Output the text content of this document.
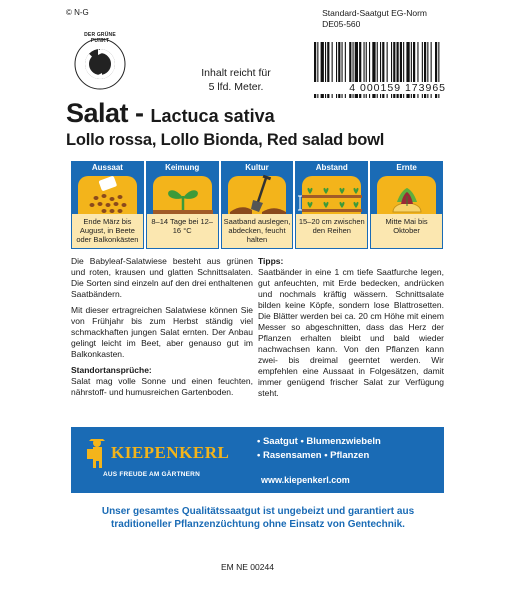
© N-G	Standard-Saatgut EG-Norm
DE05-560
DER GRÜNE PUNKT
Inhalt reicht für
5 lfd. Meter.	4 000159 173965
Salat - Lactuca sativa
Lollo rossa, Lollo Bionda, Red salad bowl
Aussaat
Ende März bis August, in Beete oder Balkonkästen
Keimung
8–14 Tage bei 12–16 °C
Kultur
Saatband auslegen, abdecken, feucht halten
Abstand
15–20 cm zwischen den Reihen
Ernte
Mitte Mai bis Oktober

Die Babyleaf-Salatwiese besteht aus grünen und roten, krausen und glatten Schnittsalaten. Die Sorten sind einzeln auf den drei enthaltenen Saatbändern.

Mit dieser ertragreichen Salatwiese können Sie von Frühjahr bis zum Herbst ständig viel schmackhaften jungen Salat ernten. Der Anbau gelingt leicht im Beet, aber genauso gut im Balkonkasten.

Standortansprüche:

Salat mag volle Sonne und einen feuchten, nährstoff- und humusreichen Gartenboden.

Tipps:

Saatbänder in eine 1 cm tiefe Saatfurche legen, gut anfeuchten, mit Erde bedecken, andrücken und nochmals kräftig wässern. Schnittsalate bilden keine Köpfe, sondern lose Blattrosetten. Die Blätter werden bei ca. 20 cm Höhe mit einem Messer so abgeschnitten, dass das Herz der Pflanzen erhalten bleibt und bald wieder nachwachsen kann. Von den Pflanzen kann zwei- bis dreimal geerntet werden. Wir empfehlen eine Aussaat in Folgesätzen, damit immer genügend frischer Salat zur Verfügung steht.

KIEPENKERL
AUS FREUDE AM GÄRTNERN
• Saatgut • Blumenzwiebeln
• Rasensamen • Pflanzen
www.kiepenkerl.com
Unser gesamtes Qualitätssaatgut ist ungebeizt und garantiert aus
traditioneller Pflanzenzüchtung ohne Einsatz von Gentechnik.
EM NE 00244
